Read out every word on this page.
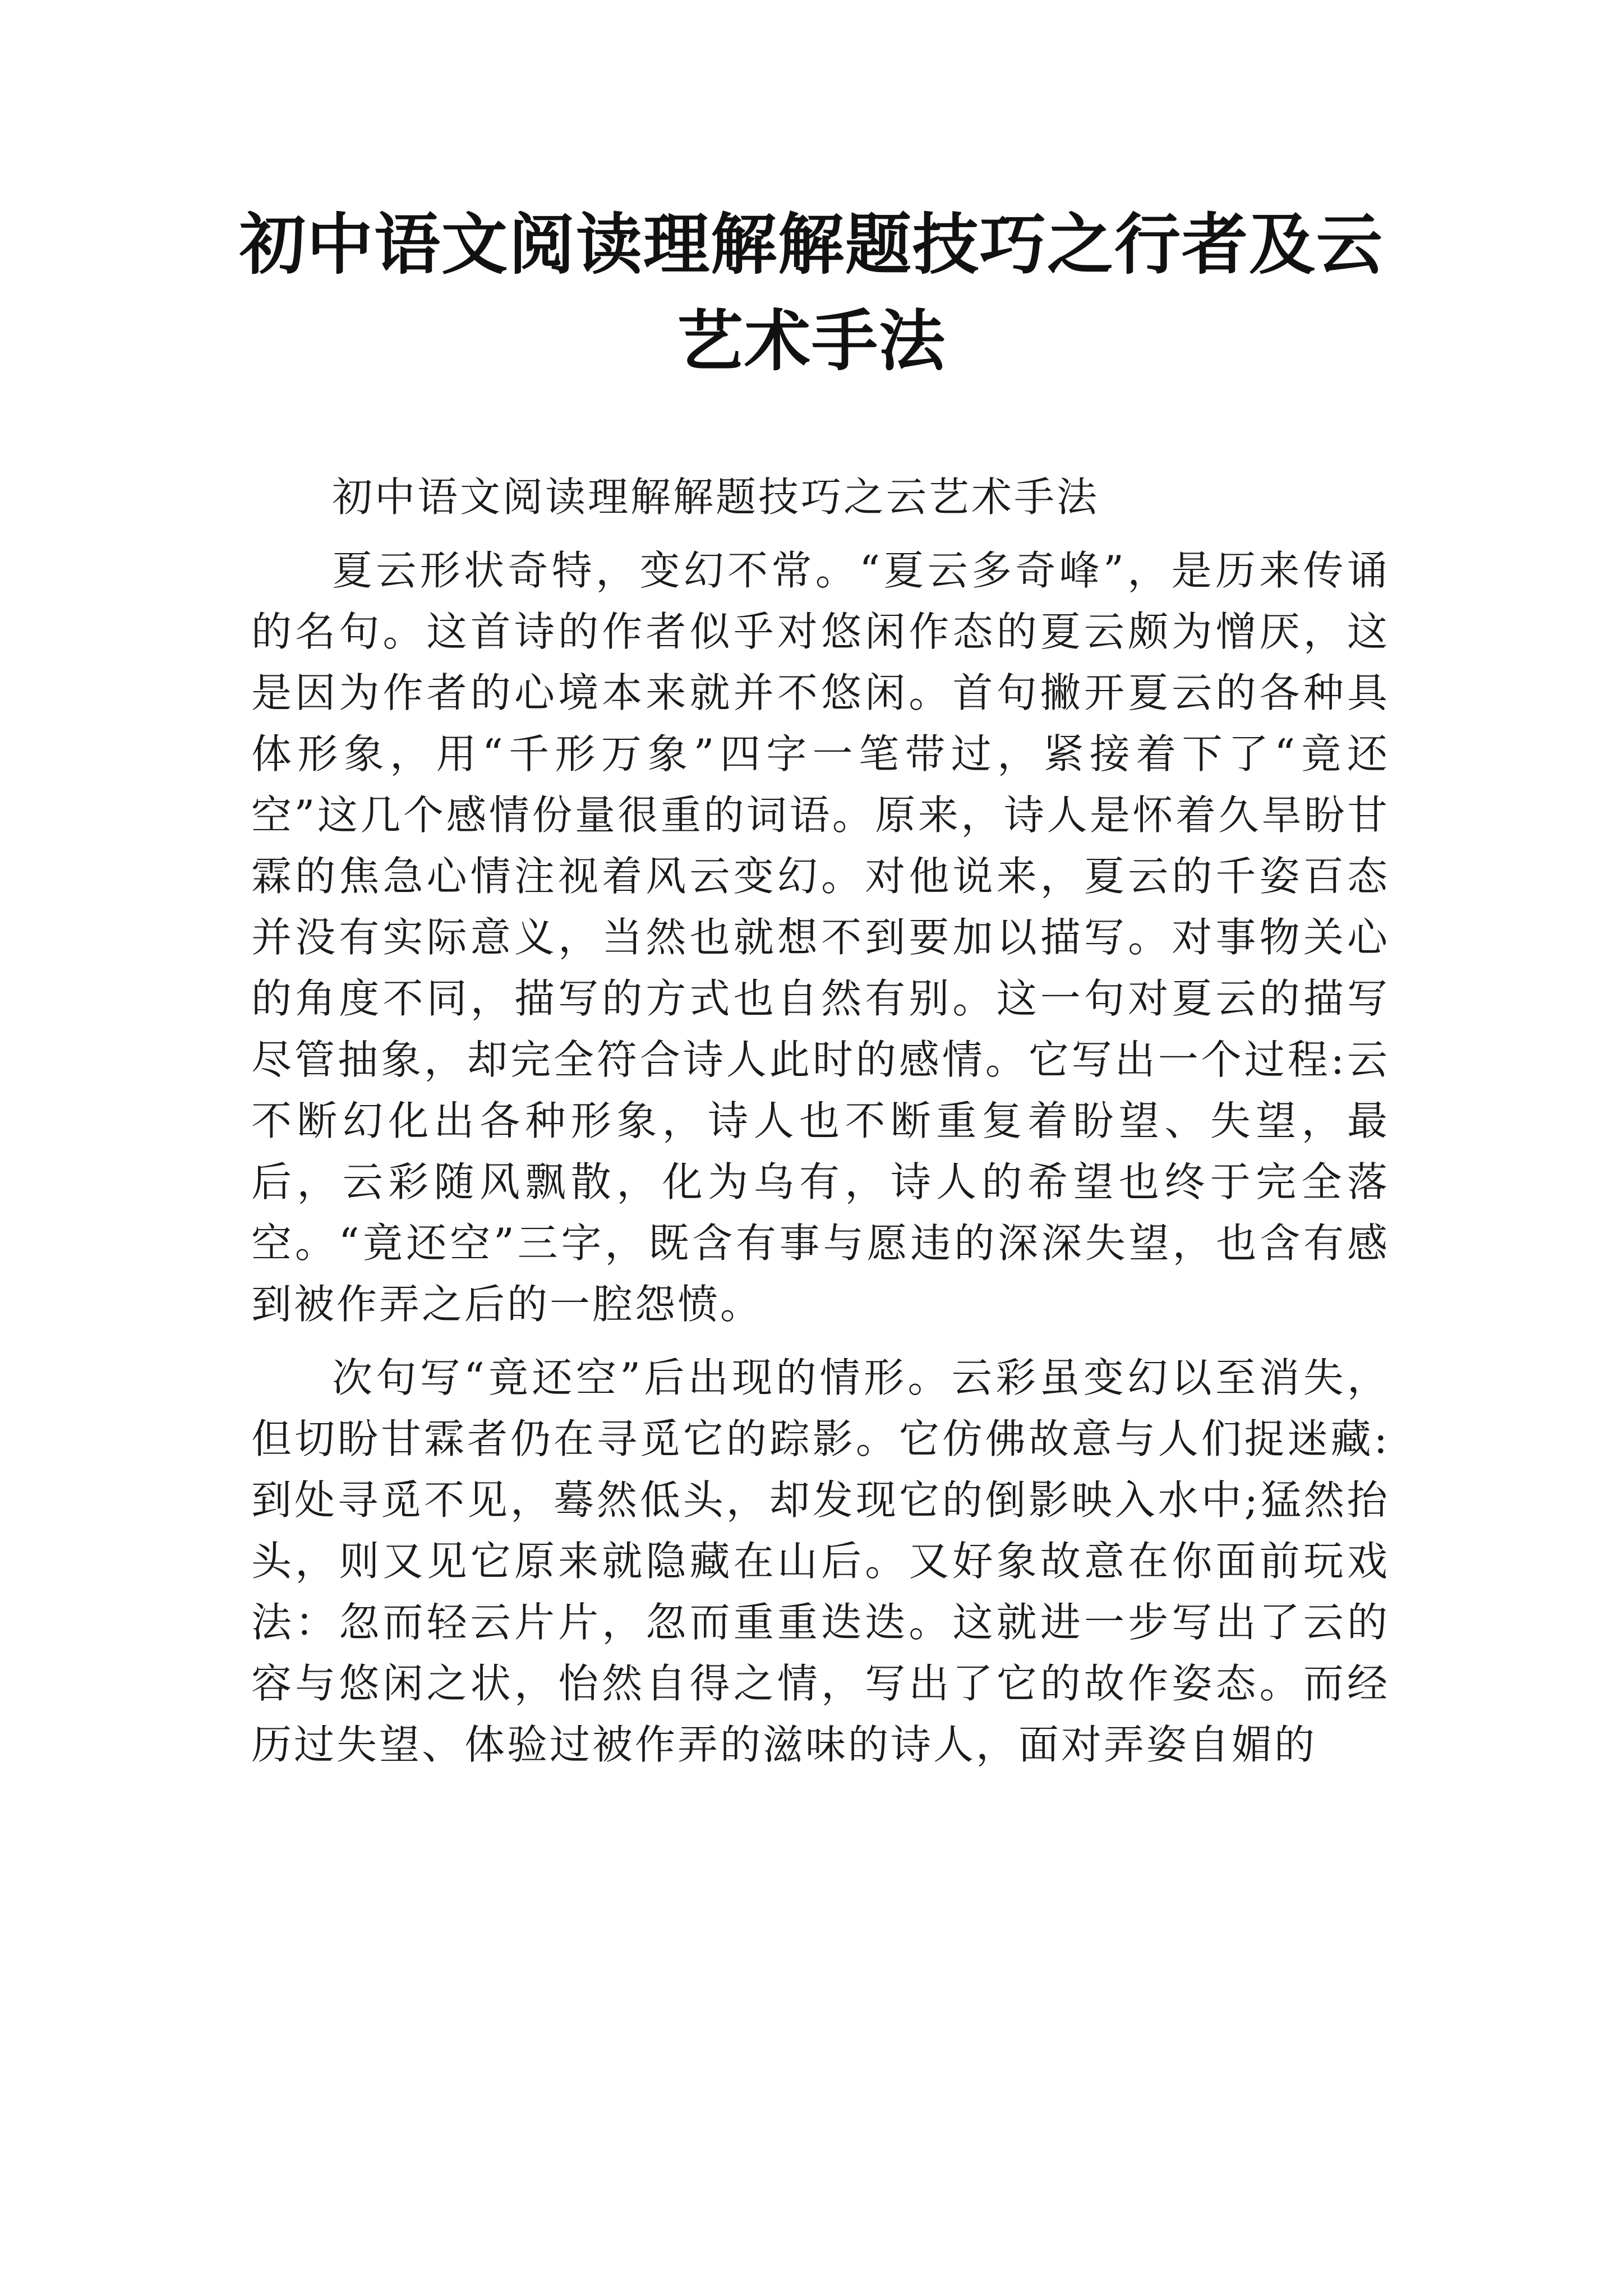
初中语文阅读理解解题技巧之行者及云艺术手法

初中语文阅读理解解题技巧之云艺术手法

夏云形状奇特，变幻不常。“夏云多奇峰”，是历来传诵的名句。这首诗的作者似乎对悠闲作态的夏云颇为憎厌，这是因为作者的心境本来就并不悠闲。首句撇开夏云的各种具体形象，用“千形万象”四字一笔带过，紧接着下了“竟还空”这几个感情份量很重的词语。原来，诗人是怀着久旱盼甘霖的焦急心情注视着风云变幻。对他说来，夏云的千姿百态并没有实际意义，当然也就想不到要加以描写。对事物关心的角度不同，描写的方式也自然有别。这一句对夏云的描写尽管抽象，却完全符合诗人此时的感情。它写出一个过程:云不断幻化出各种形象，诗人也不断重复着盼望、失望，最后，云彩随风飘散，化为乌有，诗人的希望也终于完全落空。“竟还空”三字，既含有事与愿违的深深失望，也含有感到被作弄之后的一腔怨愤。

次句写“竟还空”后出现的情形。云彩虽变幻以至消失，但切盼甘霖者仍在寻觅它的踪影。它仿佛故意与人们捉迷藏:到处寻觅不见，蓦然低头，却发现它的倒影映入水中;猛然抬头，则又见它原来就隐藏在山后。又好象故意在你面前玩戏法：忽而轻云片片，忽而重重迭迭。这就进一步写出了云的容与悠闲之状，怡然自得之情，写出了它的故作姿态。而经历过失望、体验过被作弄的滋味的诗人，面对弄姿自媚的
